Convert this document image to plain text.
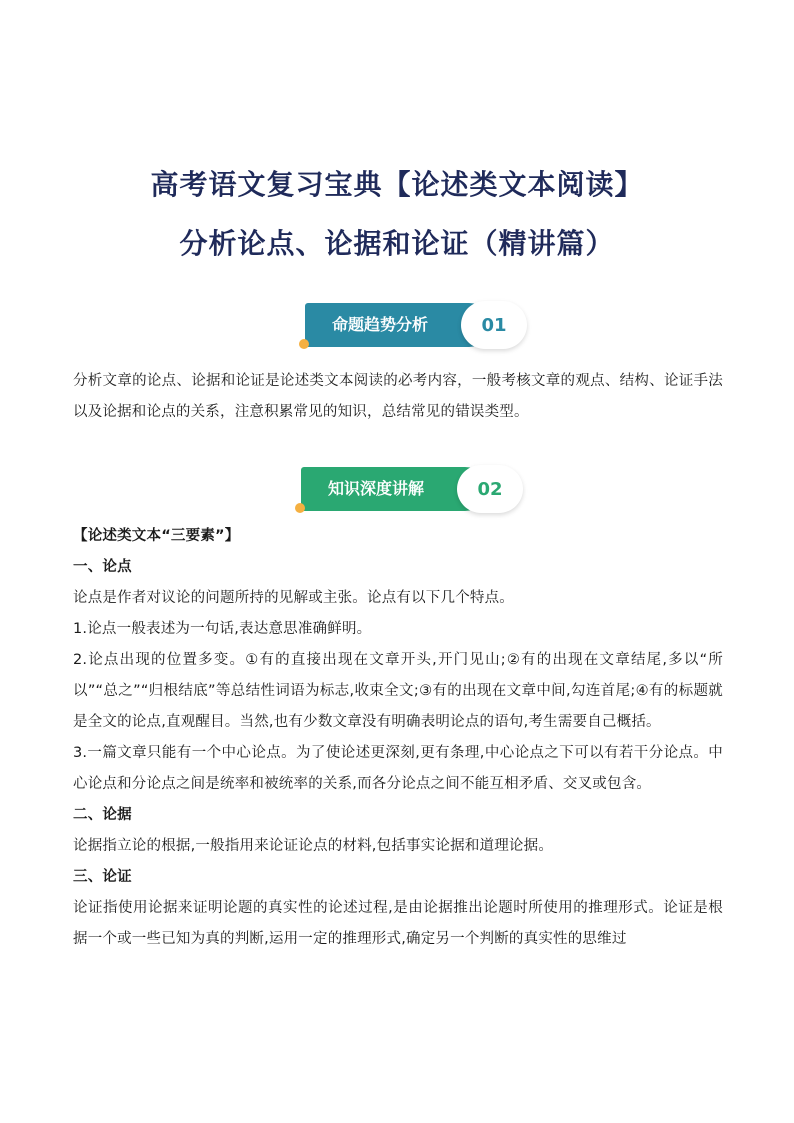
高考语文复习宝典【论述类文本阅读】
分析论点、论据和论证（精讲篇）
命题趋势分析	01
分析文章的论点、论据和论证是论述类文本阅读的必考内容，一般考核文章的观点、结构、论证手法以及论据和论点的关系，注意积累常见的知识，总结常见的错误类型。
知识深度讲解	02
【论述类文本“三要素”】
一、论点
论点是作者对议论的问题所持的见解或主张。论点有以下几个特点。
1.论点一般表述为一句话,表达意思准确鲜明。
2.论点出现的位置多变。①有的直接出现在文章开头,开门见山;②有的出现在文章结尾,多以“所以”“总之”“归根结底”等总结性词语为标志,收束全文;③有的出现在文章中间,勾连首尾;④有的标题就是全文的论点,直观醒目。当然,也有少数文章没有明确表明论点的语句,考生需要自己概括。
3.一篇文章只能有一个中心论点。为了使论述更深刻,更有条理,中心论点之下可以有若干分论点。中心论点和分论点之间是统率和被统率的关系,而各分论点之间不能互相矛盾、交叉或包含。
二、论据
论据指立论的根据,一般指用来论证论点的材料,包括事实论据和道理论据。
三、论证
论证指使用论据来证明论题的真实性的论述过程,是由论据推出论题时所使用的推理形式。论证是根据一个或一些已知为真的判断,运用一定的推理形式,确定另一个判断的真实性的思维过
